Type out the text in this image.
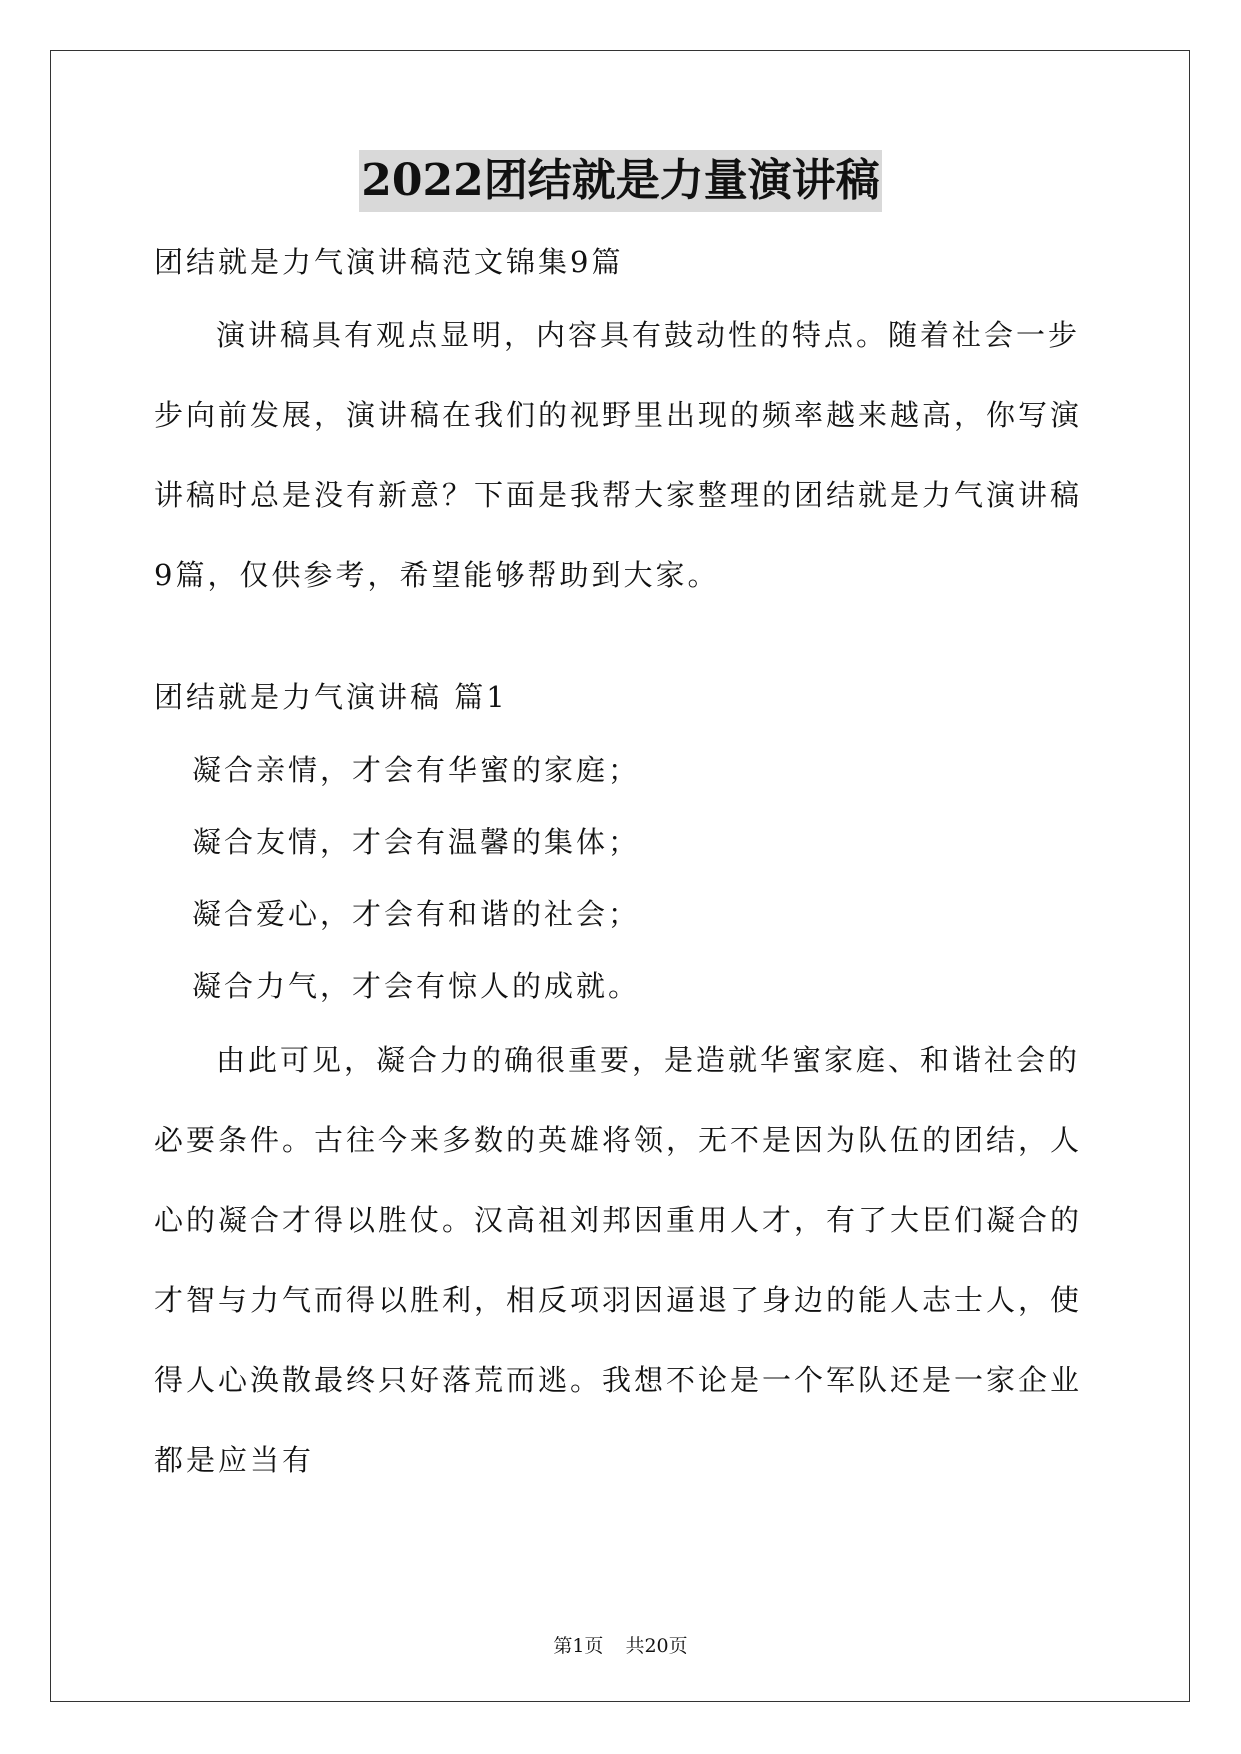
2022团结就是力量演讲稿
团结就是力气演讲稿范文锦集9篇

演讲稿具有观点显明，内容具有鼓动性的特点。随着社会一步步向前发展，演讲稿在我们的视野里出现的频率越来越高，你写演讲稿时总是没有新意？下面是我帮大家整理的团结就是力气演讲稿9篇，仅供参考，希望能够帮助到大家。

团结就是力气演讲稿 篇1
凝合亲情，才会有华蜜的家庭；
凝合友情，才会有温馨的集体；
凝合爱心，才会有和谐的社会；
凝合力气，才会有惊人的成就。

由此可见，凝合力的确很重要，是造就华蜜家庭、和谐社会的必要条件。古往今来多数的英雄将领，无不是因为队伍的团结，人心的凝合才得以胜仗。汉高祖刘邦因重用人才，有了大臣们凝合的才智与力气而得以胜利，相反项羽因逼退了身边的能人志士人，使得人心涣散最终只好落荒而逃。我想不论是一个军队还是一家企业都是应当有

第1页 共20页
